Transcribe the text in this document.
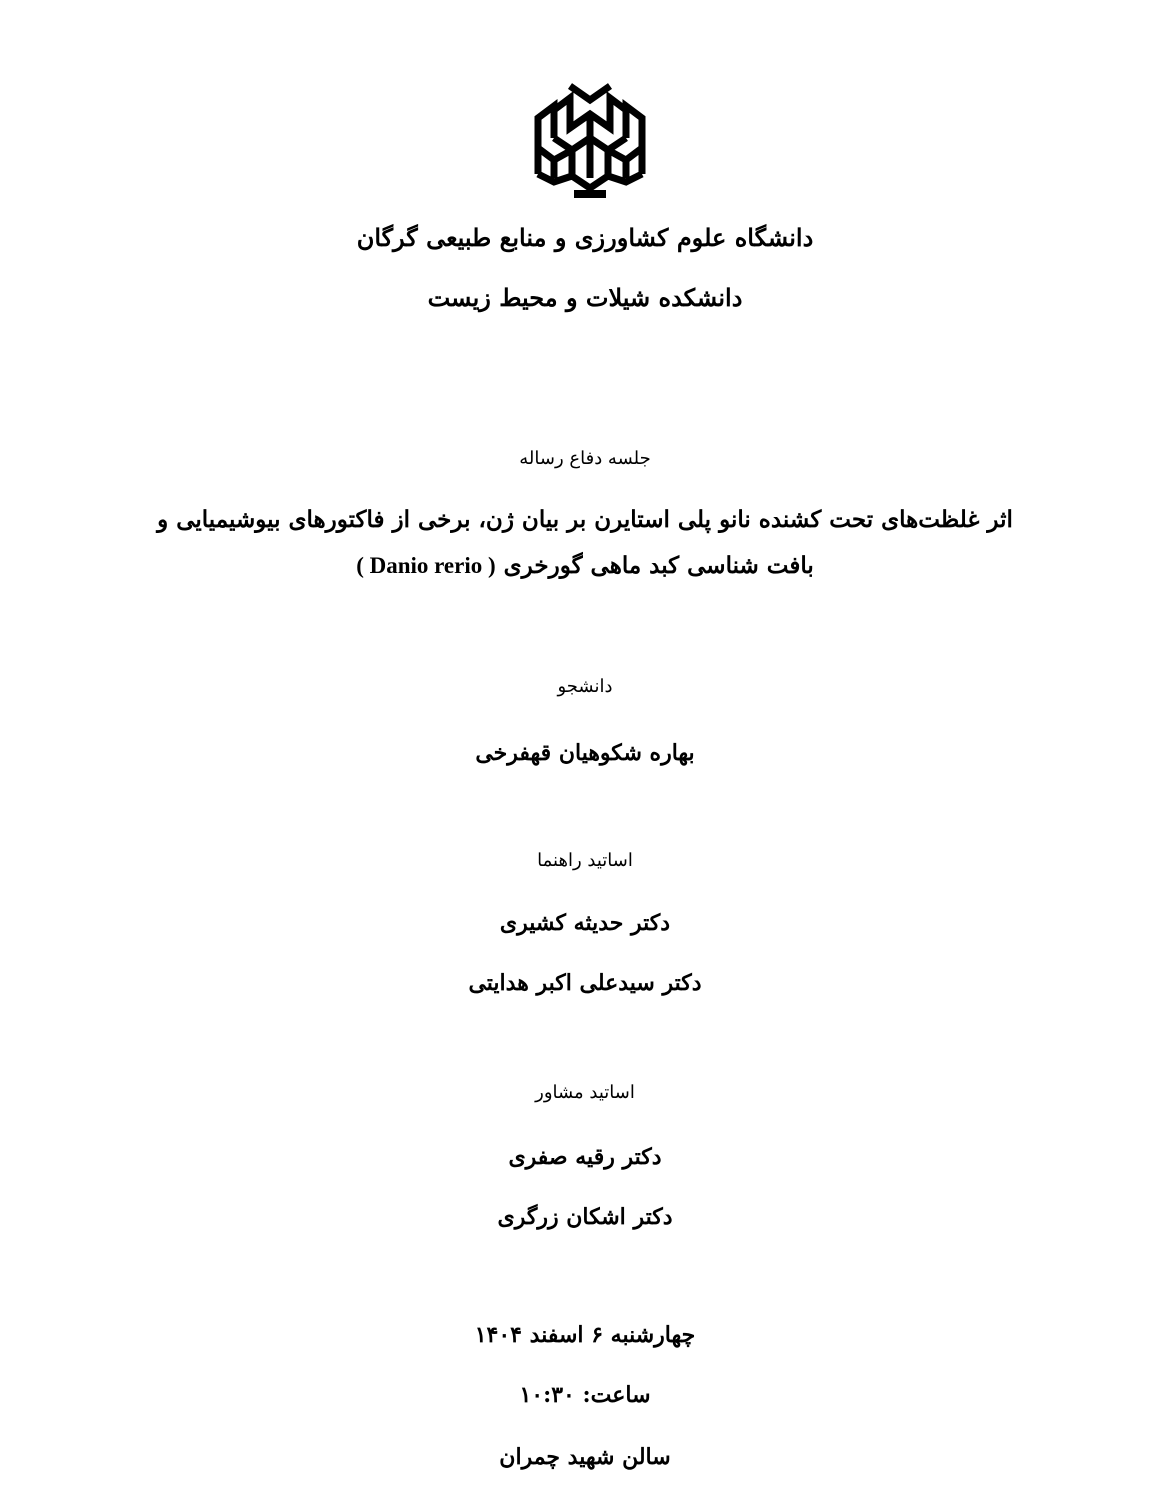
دانشگاه علوم کشاورزی و منابع طبیعی گرگان
دانشکده شیلات و محیط زیست
جلسه دفاع رساله
اثر غلظت‌های تحت کشنده نانو پلی استایرن بر بیان ژن، برخی از فاکتورهای بیوشیمیایی و
بافت شناسی کبد ماهی گورخری ( Danio rerio )
دانشجو
بهاره شکوهیان قهفرخی
اساتید راهنما
دکتر حدیثه کشیری
دکتر سیدعلی اکبر هدایتی
اساتید مشاور
دکتر رقیه صفری
دکتر اشکان زرگری
چهارشنبه ۶ اسفند ۱۴۰۴
ساعت: ۱۰:۳۰
سالن شهید چمران
